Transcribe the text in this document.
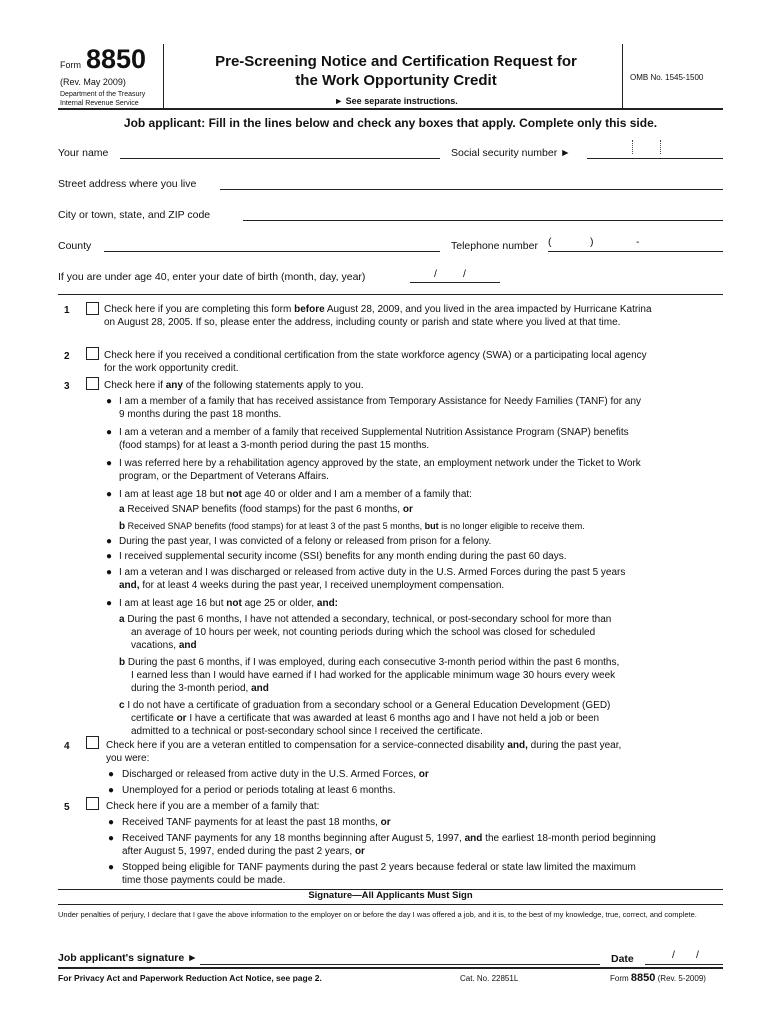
Form 8850
(Rev. May 2009)
Department of the Treasury
Internal Revenue Service
Pre-Screening Notice and Certification Request for
the Work Opportunity Credit
► See separate instructions.
OMB No. 1545-1500
Job applicant: Fill in the lines below and check any boxes that apply. Complete only this side.
Your name	Social security number ►
Street address where you live
City or town, state, and ZIP code
County	Telephone number (	)	-
If you are under age 40, enter your date of birth (month, day, year)	/ /
1	Check here if you are completing this form before August 28, 2009, and you lived in the area impacted by Hurricane Katrina
on August 28, 2005. If so, please enter the address, including county or parish and state where you lived at that time.
2	Check here if you received a conditional certification from the state workforce agency (SWA) or a participating local agency
for the work opportunity credit.
3	Check here if any of the following statements apply to you.
● I am a member of a family that has received assistance from Temporary Assistance for Needy Families (TANF) for any
9 months during the past 18 months.
● I am a veteran and a member of a family that received Supplemental Nutrition Assistance Program (SNAP) benefits
(food stamps) for at least a 3-month period during the past 15 months.
● I was referred here by a rehabilitation agency approved by the state, an employment network under the Ticket to Work
program, or the Department of Veterans Affairs.
● I am at least age 18 but not age 40 or older and I am a member of a family that:
a Received SNAP benefits (food stamps) for the past 6 months, or
b Received SNAP benefits (food stamps) for at least 3 of the past 5 months, but is no longer eligible to receive them.
● During the past year, I was convicted of a felony or released from prison for a felony.
● I received supplemental security income (SSI) benefits for any month ending during the past 60 days.
● I am a veteran and I was discharged or released from active duty in the U.S. Armed Forces during the past 5 years
and, for at least 4 weeks during the past year, I received unemployment compensation.
● I am at least age 16 but not age 25 or older, and:
a During the past 6 months, I have not attended a secondary, technical, or post-secondary school for more than
an average of 10 hours per week, not counting periods during which the school was closed for scheduled
vacations, and
b During the past 6 months, if I was employed, during each consecutive 3-month period within the past 6 months,
I earned less than I would have earned if I had worked for the applicable minimum wage 30 hours every week
during the 3-month period, and
c I do not have a certificate of graduation from a secondary school or a General Education Development (GED)
certificate or I have a certificate that was awarded at least 6 months ago and I have not held a job or been
admitted to a technical or post-secondary school since I received the certificate.
4	Check here if you are a veteran entitled to compensation for a service-connected disability and, during the past year,
you were:
● Discharged or released from active duty in the U.S. Armed Forces, or
● Unemployed for a period or periods totaling at least 6 months.
5	Check here if you are a member of a family that:
● Received TANF payments for at least the past 18 months, or
● Received TANF payments for any 18 months beginning after August 5, 1997, and the earliest 18-month period beginning
after August 5, 1997, ended during the past 2 years, or
● Stopped being eligible for TANF payments during the past 2 years because federal or state law limited the maximum
time those payments could be made.
Signature—All Applicants Must Sign
Under penalties of perjury, I declare that I gave the above information to the employer on or before the day I was offered a job, and it is, to the best of my knowledge, true, correct, and complete.
Job applicant's signature ►	Date	/ /
For Privacy Act and Paperwork Reduction Act Notice, see page 2.	Cat. No. 22851L	Form 8850 (Rev. 5-2009)
